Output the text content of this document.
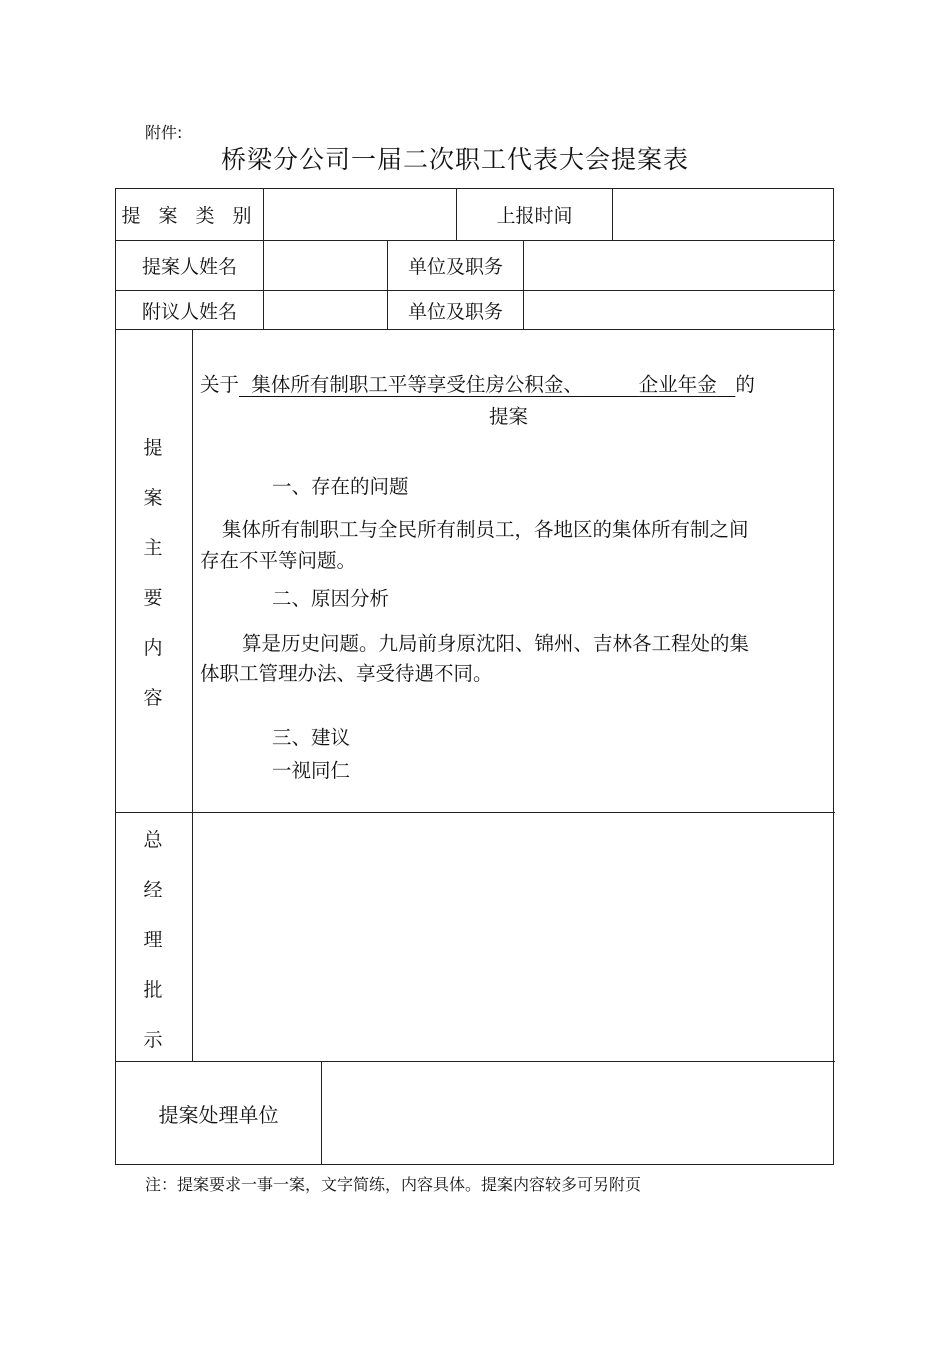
附件:
桥梁分公司一届二次职工代表大会提案表
提 案 类 别	上报时间
提案人姓名	单位及职务
附议人姓名	单位及职务
提
案
主
要
内
容
关于 集体所有制职工平等享受住房公积金、	企业年金 的
提案
一、存在的问题
集体所有制职工与全民所有制员工，各地区的集体所有制之间
存在不平等问题。
二、原因分析
算是历史问题。九局前身原沈阳、锦州、吉林各工程处的集
体职工管理办法、享受待遇不同。
三、建议
一视同仁
总
经
理
批
示
提案处理单位
注：提案要求一事一案，文字简练，内容具体。提案内容较多可另附页
